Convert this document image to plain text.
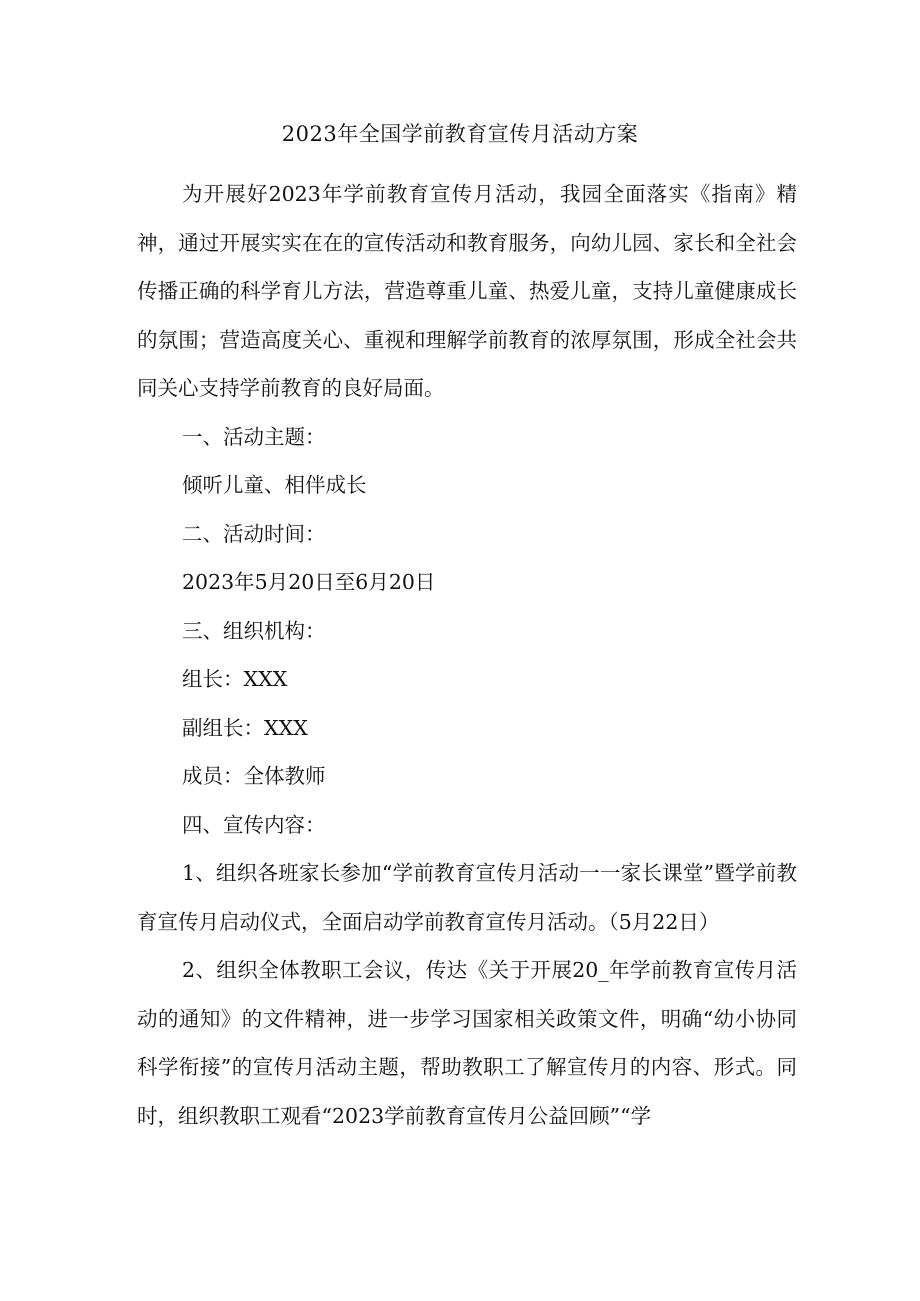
2023年全国学前教育宣传月活动方案

为开展好2023年学前教育宣传月活动，我园全面落实《指南》精神，通过开展实实在在的宣传活动和教育服务，向幼儿园、家长和全社会传播正确的科学育儿方法，营造尊重儿童、热爱儿童，支持儿童健康成长的氛围；营造高度关心、重视和理解学前教育的浓厚氛围，形成全社会共同关心支持学前教育的良好局面。

一、活动主题：

倾听儿童、相伴成长

二、活动时间：

2023年5月20日至6月20日

三、组织机构：

组长：XXX

副组长：XXX

成员：全体教师

四、宣传内容：

1、组织各班家长参加“学前教育宣传月活动一一家长课堂”暨学前教育宣传月启动仪式，全面启动学前教育宣传月活动。（5月22日）

2、组织全体教职工会议，传达《关于开展20_年学前教育宣传月活动的通知》的文件精神，进一步学习国家相关政策文件，明确“幼小协同科学衔接”的宣传月活动主题，帮助教职工了解宣传月的内容、形式。同时，组织教职工观看“2023学前教育宣传月公益回顾”“学
